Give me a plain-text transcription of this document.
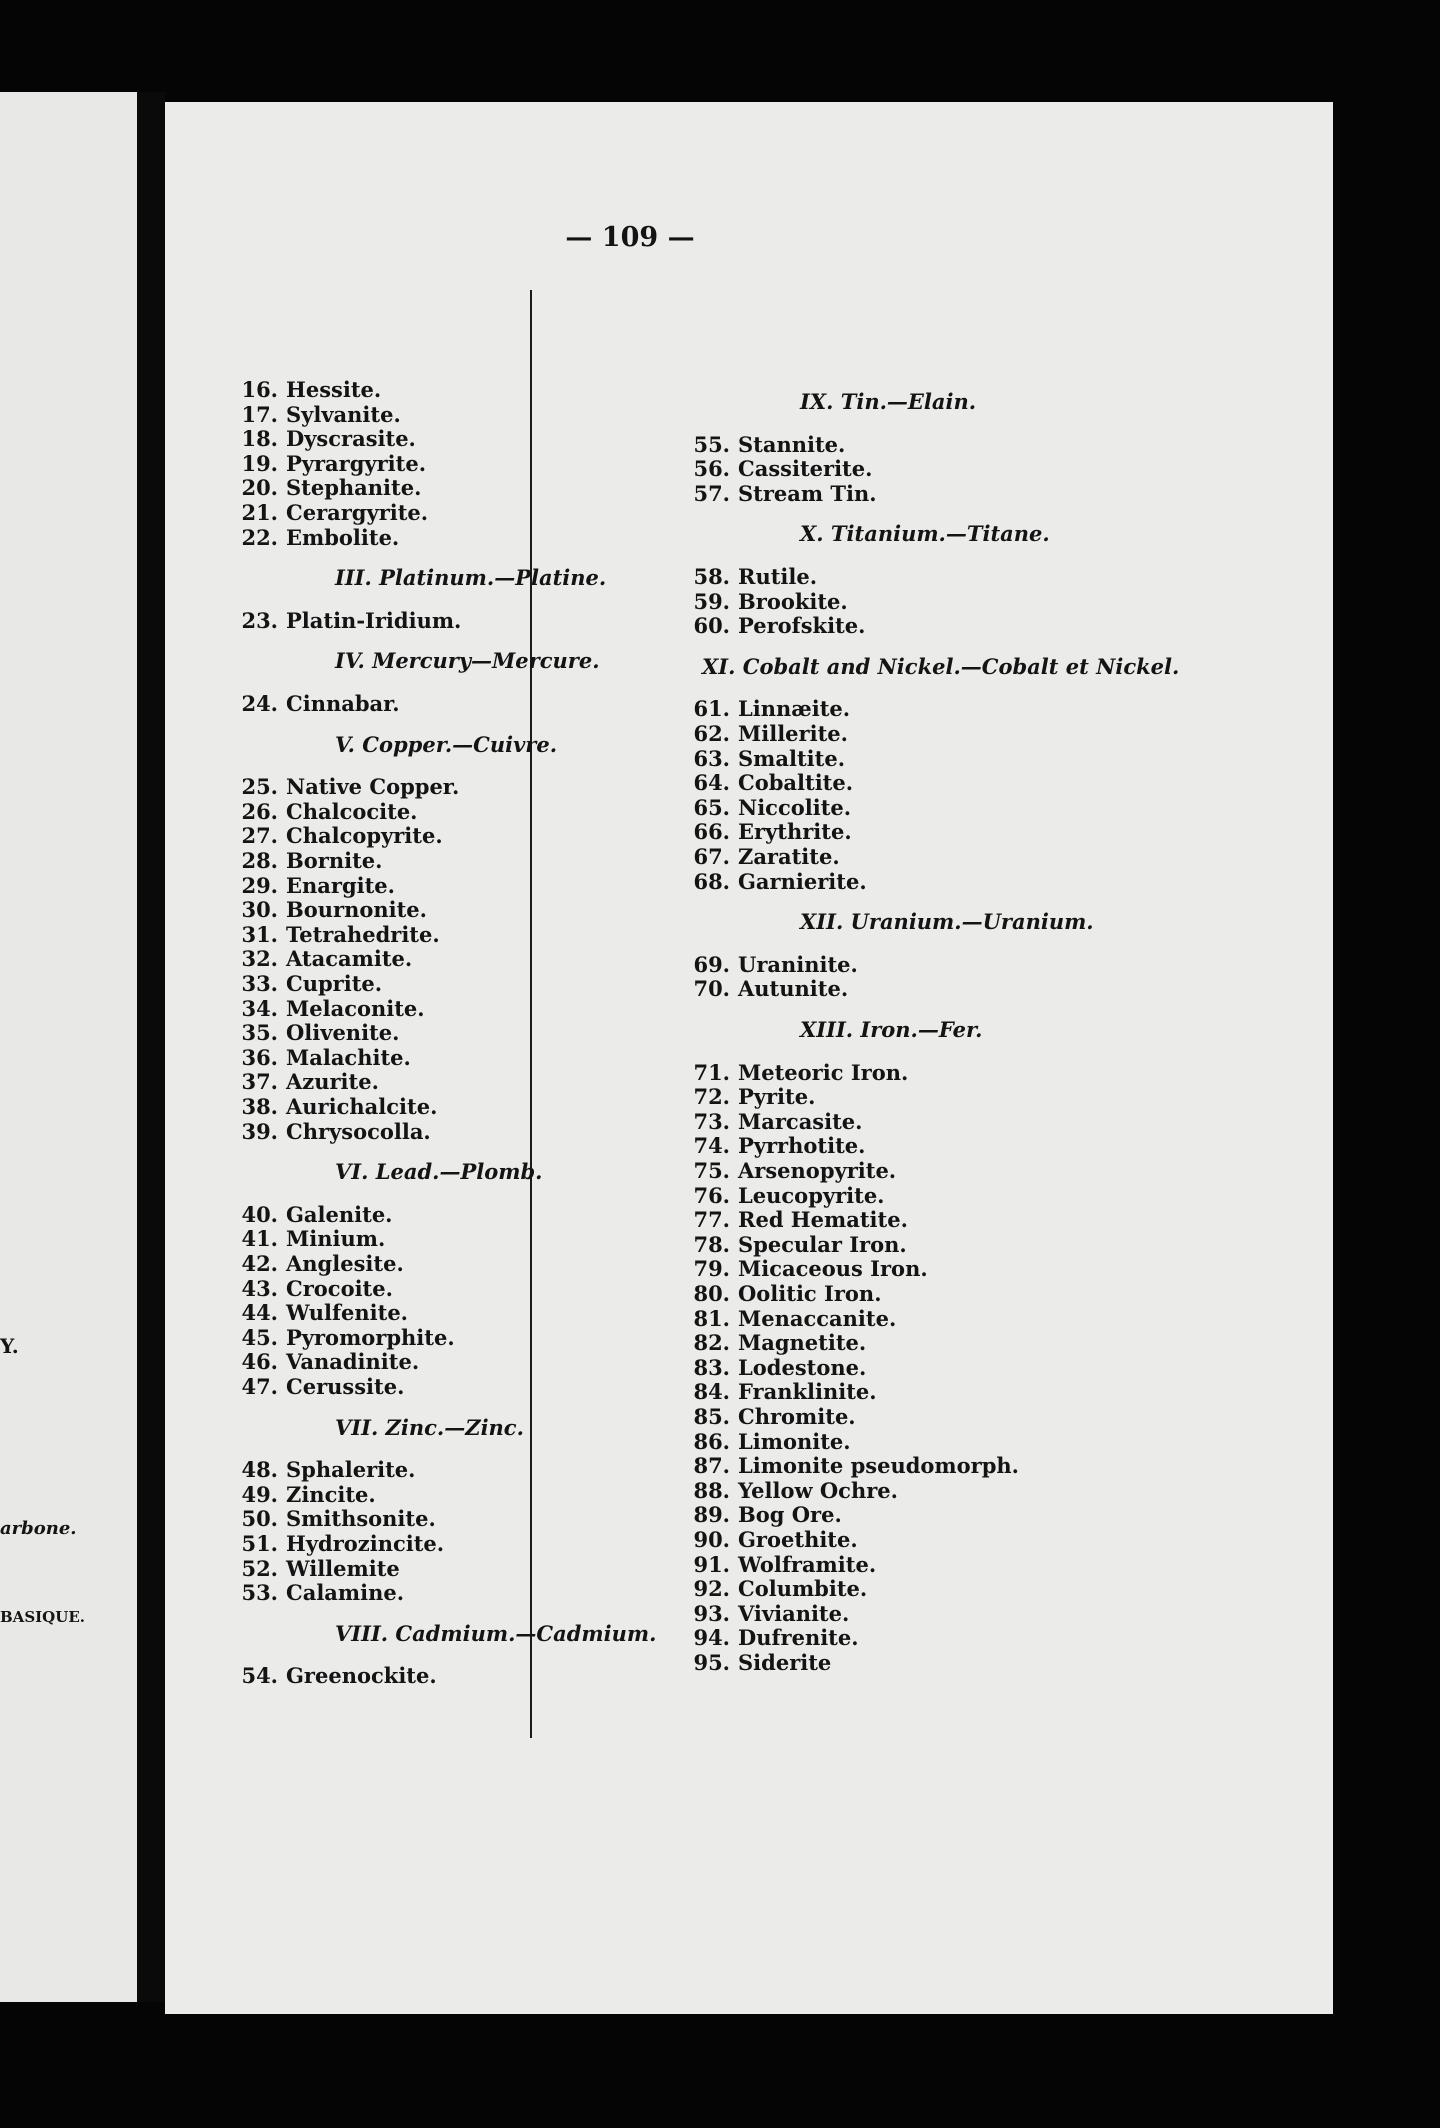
Y.
arbone.
BASIQUE.
— 109 —
16. Hessite.
17. Sylvanite.
18. Dyscrasite.
19. Pyrargyrite.
20. Stephanite.
21. Cerargyrite.
22. Embolite.
III. Platinum.—Platine.
23. Platin-Iridium.
IV. Mercury—Mercure.
24. Cinnabar.
V. Copper.—Cuivre.
25. Native Copper.
26. Chalcocite.
27. Chalcopyrite.
28. Bornite.
29. Enargite.
30. Bournonite.
31. Tetrahedrite.
32. Atacamite.
33. Cuprite.
34. Melaconite.
35. Olivenite.
36. Malachite.
37. Azurite.
38. Aurichalcite.
39. Chrysocolla.
VI. Lead.—Plomb.
40. Galenite.
41. Minium.
42. Anglesite.
43. Crocoite.
44. Wulfenite.
45. Pyromorphite.
46. Vanadinite.
47. Cerussite.
VII. Zinc.—Zinc.
48. Sphalerite.
49. Zincite.
50. Smithsonite.
51. Hydrozincite.
52. Willemite
53. Calamine.
VIII. Cadmium.—Cadmium.
54. Greenockite.
IX. Tin.—Elain.
55. Stannite.
56. Cassiterite.
57. Stream Tin.
X. Titanium.—Titane.
58. Rutile.
59. Brookite.
60. Perofskite.
XI. Cobalt and Nickel.—Cobalt et Nickel.
61. Linnæite.
62. Millerite.
63. Smaltite.
64. Cobaltite.
65. Niccolite.
66. Erythrite.
67. Zaratite.
68. Garnierite.
XII. Uranium.—Uranium.
69. Uraninite.
70. Autunite.
XIII. Iron.—Fer.
71. Meteoric Iron.
72. Pyrite.
73. Marcasite.
74. Pyrrhotite.
75. Arsenopyrite.
76. Leucopyrite.
77. Red Hematite.
78. Specular Iron.
79. Micaceous Iron.
80. Oolitic Iron.
81. Menaccanite.
82. Magnetite.
83. Lodestone.
84. Franklinite.
85. Chromite.
86. Limonite.
87. Limonite pseudomorph.
88. Yellow Ochre.
89. Bog Ore.
90. Groethite.
91. Wolframite.
92. Columbite.
93. Vivianite.
94. Dufrenite.
95. Siderite
